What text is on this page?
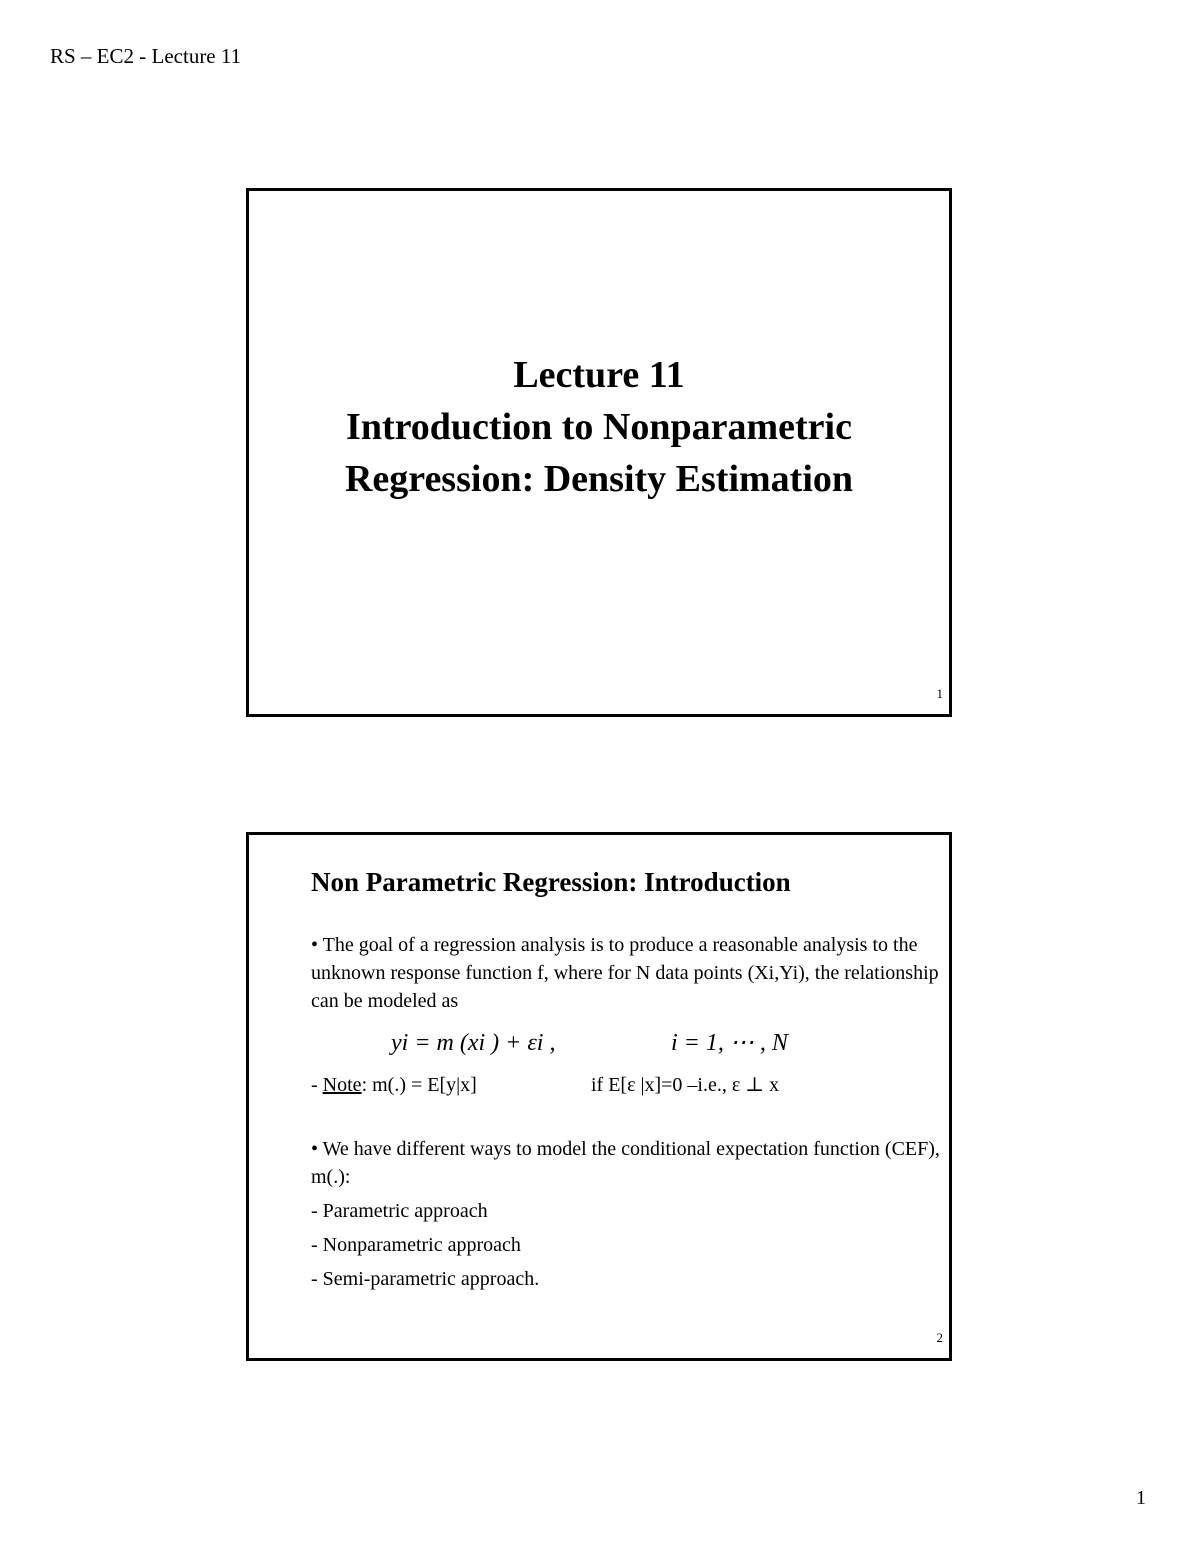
RS – EC2 - Lecture 11
Lecture 11
Introduction to Nonparametric
Regression: Density Estimation
1
Non Parametric Regression: Introduction

• The goal of a regression analysis is to produce a reasonable analysis to the unknown response function f, where for N data points (Xi,Yi), the relationship can be modeled as

yi = m (xi ) + εi ,	i = 1, ⋯ , N
- Note: m(.) = E[y|x]	if E[ε |x]=0 –i.e., ε ⊥ x

• We have different ways to model the conditional expectation function (CEF), m(.):

- Parametric approach
- Nonparametric approach
- Semi-parametric approach.
2
1
